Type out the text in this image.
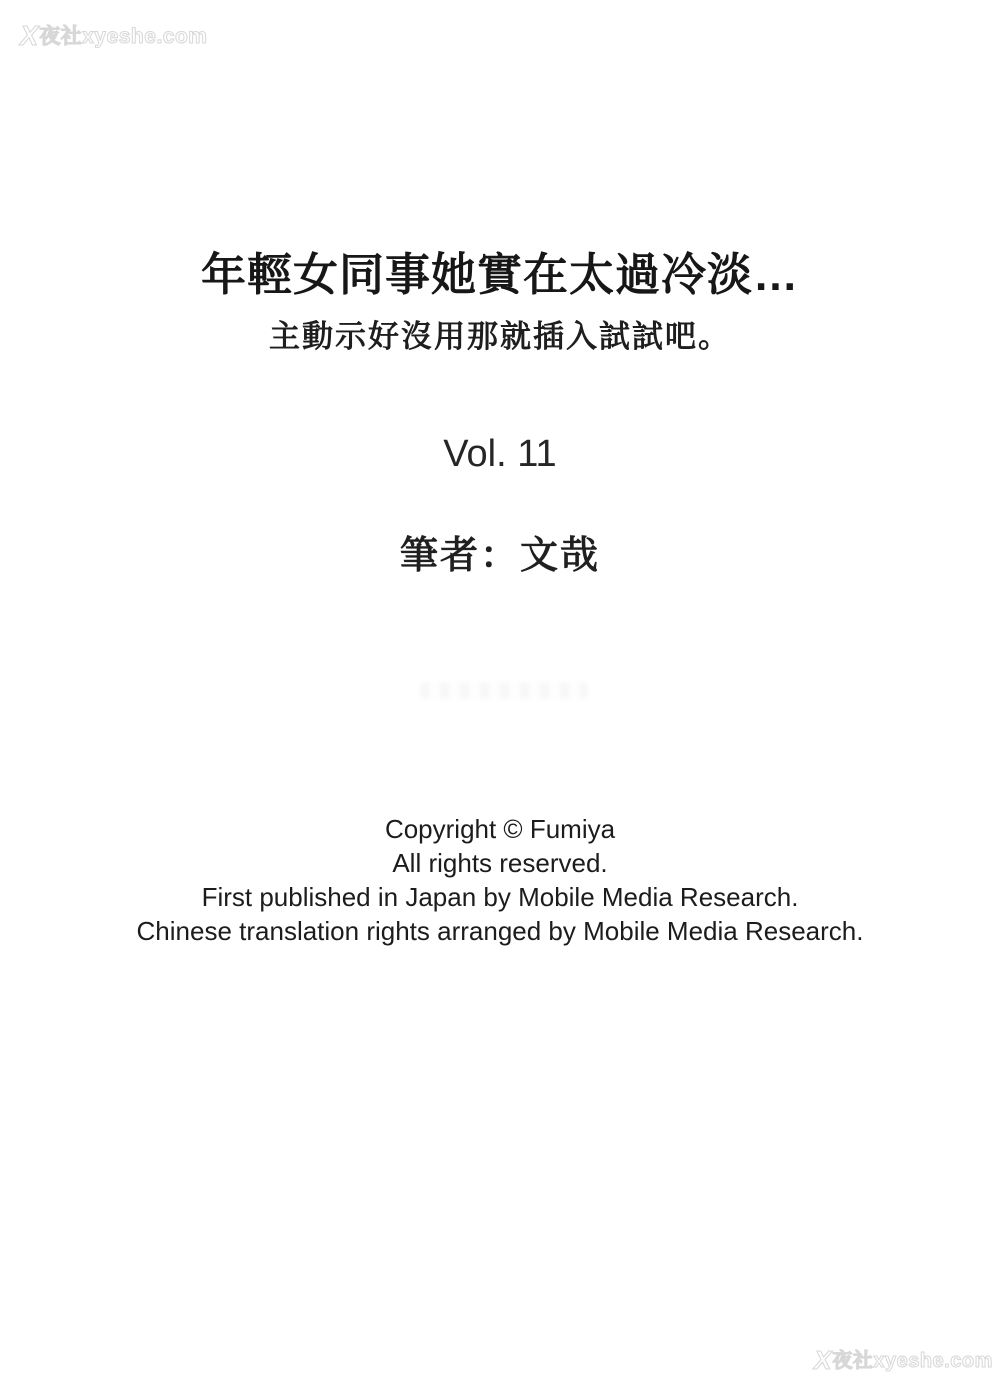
X夜社xyeshe.com
年輕女同事她實在太過冷淡…
主動示好沒用那就插入試試吧。
Vol. 11
筆者：文哉
Copyright © Fumiya
All rights reserved.
First published in Japan by Mobile Media Research.
Chinese translation rights arranged by Mobile Media Research.
X夜社xyeshe.com
